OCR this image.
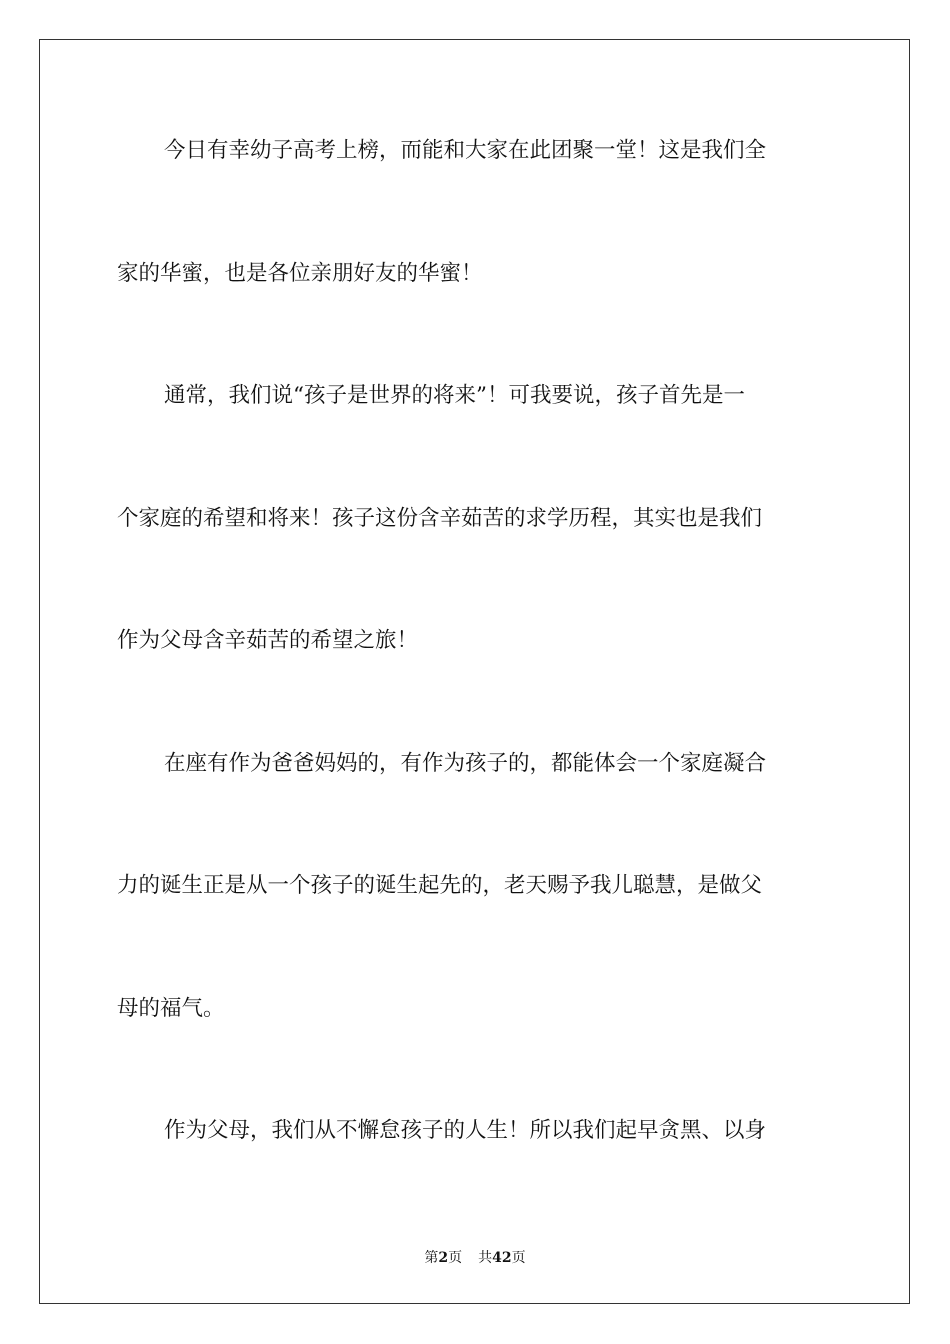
今日有幸幼子高考上榜，而能和大家在此团聚一堂！这是我们全
家的华蜜，也是各位亲朋好友的华蜜！
通常，我们说“孩子是世界的将来”！可我要说，孩子首先是一
个家庭的希望和将来！孩子这份含辛茹苦的求学历程，其实也是我们
作为父母含辛茹苦的希望之旅！
在座有作为爸爸妈妈的，有作为孩子的，都能体会一个家庭凝合
力的诞生正是从一个孩子的诞生起先的，老天赐予我儿聪慧，是做父
母的福气。
作为父母，我们从不懈怠孩子的人生！所以我们起早贪黑、以身
第2页 共42页
